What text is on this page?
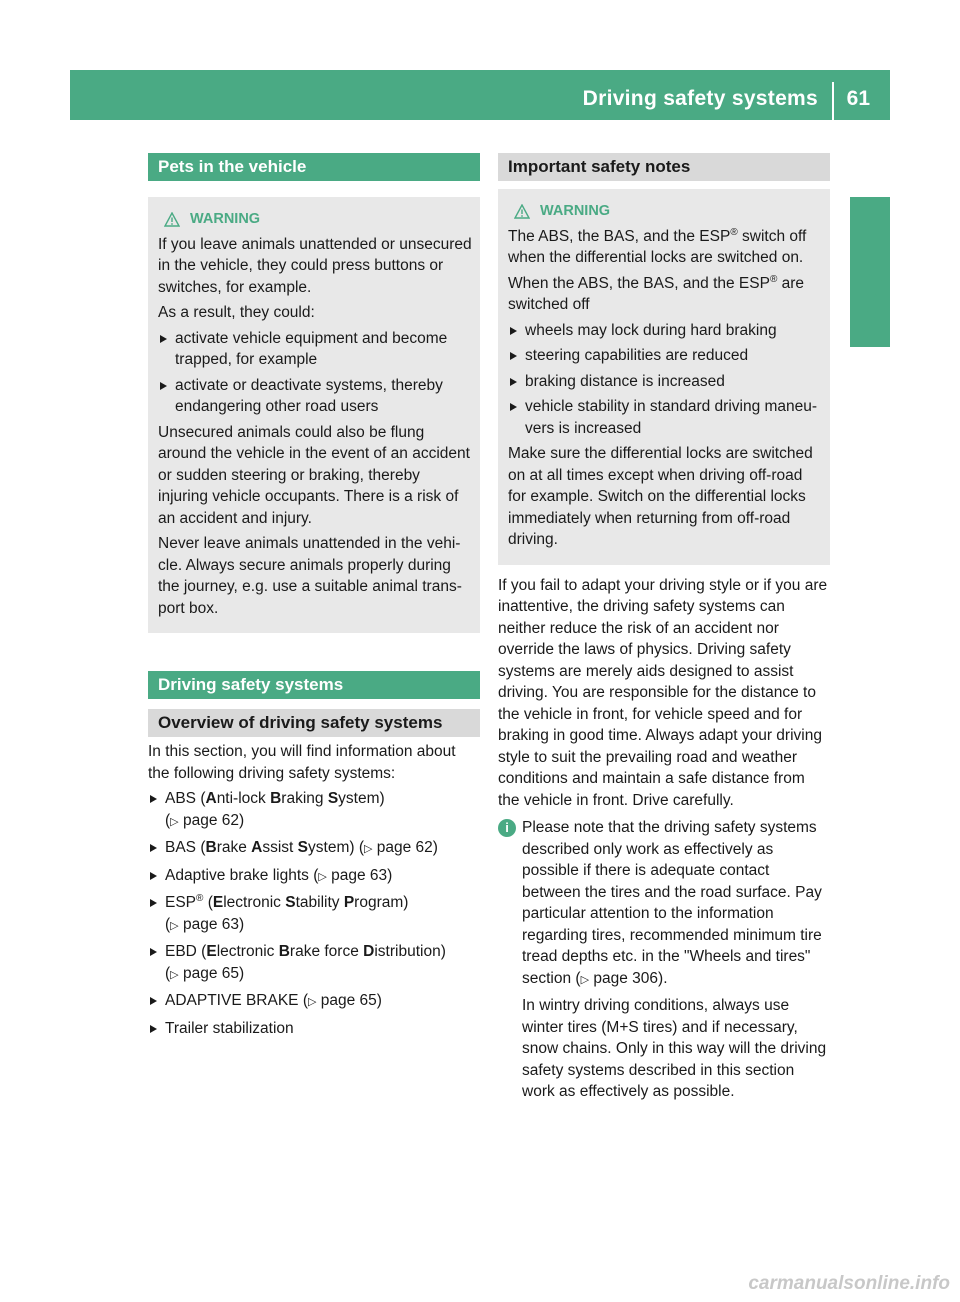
Driving safety systems 61
Safety
Pets in the vehicle
WARNING

If you leave animals unattended or unsecured in the vehicle, they could press buttons or switches, for example.

As a result, they could:

activate vehicle equipment and become trapped, for example
activate or deactivate systems, thereby endangering other road users

Unsecured animals could also be flung around the vehicle in the event of an accident or sudden steering or braking, thereby injuring vehicle occupants. There is a risk of an accident and injury.

Never leave animals unattended in the vehicle. Always secure animals properly during the journey, e.g. use a suitable animal transport box.

Driving safety systems
Overview of driving safety systems

In this section, you will find information about the following driving safety systems:

ABS (Anti-lock Braking System)
(▷ page 62)
BAS (Brake Assist System) (▷ page 62)
Adaptive brake lights (▷ page 63)
ESP® (Electronic Stability Program)
(▷ page 63)
EBD (Electronic Brake force Distribution)
(▷ page 65)
ADAPTIVE BRAKE (▷ page 65)
Trailer stabilization
Important safety notes
WARNING

The ABS, the BAS, and the ESP® switch off when the differential locks are switched on.

When the ABS, the BAS, and the ESP® are switched off

wheels may lock during hard braking
steering capabilities are reduced
braking distance is increased
vehicle stability in standard driving maneuvers is increased

Make sure the differential locks are switched on at all times except when driving off-road for example. Switch on the differential locks immediately when returning from off-road driving.

If you fail to adapt your driving style or if you are inattentive, the driving safety systems can neither reduce the risk of an accident nor override the laws of physics. Driving safety systems are merely aids designed to assist driving. You are responsible for the distance to the vehicle in front, for vehicle speed and for braking in good time. Always adapt your driving style to suit the prevailing road and weather conditions and maintain a safe distance from the vehicle in front. Drive carefully.

i Please note that the driving safety systems described only work as effectively as possible if there is adequate contact between the tires and the road surface. Pay particular attention to the information regarding tires, recommended minimum tire tread depths etc. in the "Wheels and tires" section (▷ page 306).

In wintry driving conditions, always use winter tires (M+S tires) and if necessary, snow chains. Only in this way will the driving safety systems described in this section work as effectively as possible.

carmanualsonline.info
